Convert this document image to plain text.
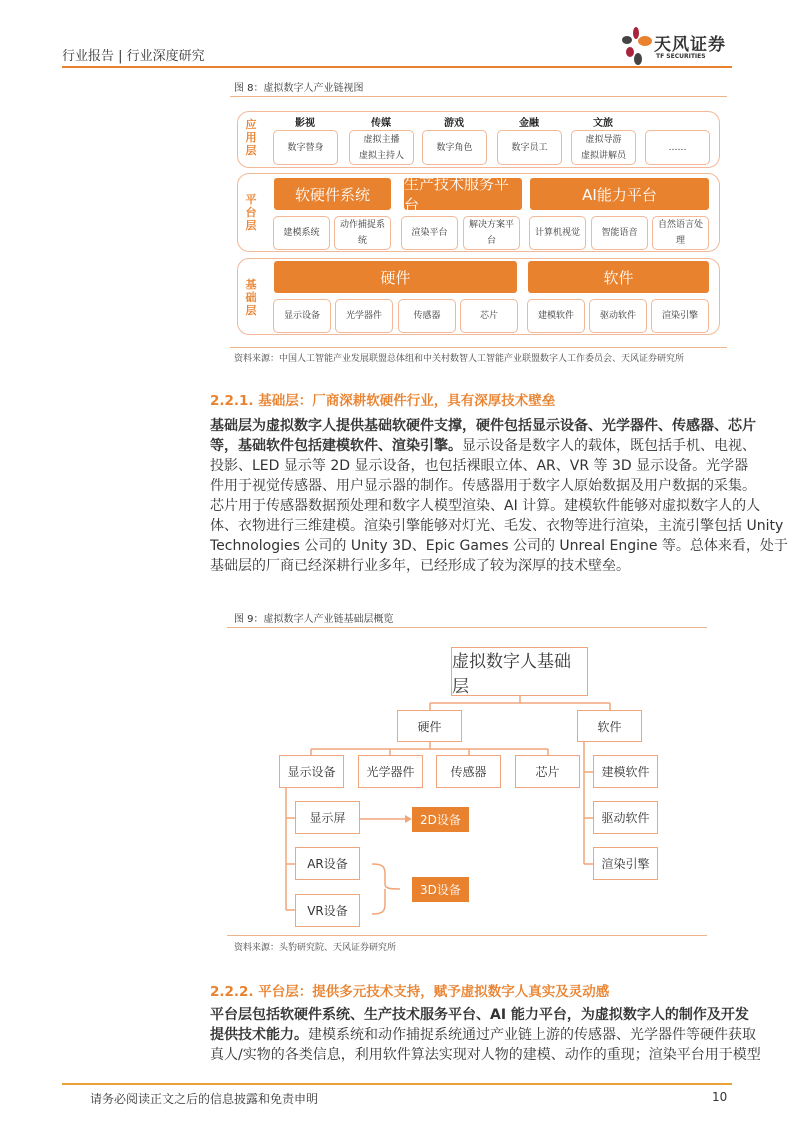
行业报告 | 行业深度研究
天风证券
TF SECURITIES
图 8：虚拟数字人产业链视图
应用层
平台层
基础层
影视	传媒	游戏	金融	文旅
数字替身
虚拟主播
虚拟主持人
数字角色	数字员工
虚拟导游
虚拟讲解员
……
软硬件系统
生产技术服务平台
AI能力平台
建模系统
动作捕捉系
统
渲染平台
解决方案平
台
计算机视觉 智能语音
自然语言处
理
硬件	软件
显示设备	光学器件	传感器	芯片	建模软件	驱动软件	渲染引擎
资料来源：中国人工智能产业发展联盟总体组和中关村数智人工智能产业联盟数字人工作委员会、天风证券研究所
2.2.1. 基础层：厂商深耕软硬件行业，具有深厚技术壁垒
基础层为虚拟数字人提供基础软硬件支撑，硬件包括显示设备、光学器件、传感器、芯片
等，基础软件包括建模软件、渲染引擎。显示设备是数字人的载体，既包括手机、电视、
投影、LED 显示等 2D 显示设备，也包括裸眼立体、AR、VR 等 3D 显示设备。光学器
件用于视觉传感器、用户显示器的制作。传感器用于数字人原始数据及用户数据的采集。
芯片用于传感器数据预处理和数字人模型渲染、AI 计算。建模软件能够对虚拟数字人的人
体、衣物进行三维建模。渲染引擎能够对灯光、毛发、衣物等进行渲染，主流引擎包括 Unity
Technologies 公司的 Unity 3D、Epic Games 公司的 Unreal Engine 等。总体来看，处于
基础层的厂商已经深耕行业多年，已经形成了较为深厚的技术壁垒。
图 9：虚拟数字人产业链基础层概览
虚拟数字人基础层
硬件	软件
显示设备	光学器件	传感器	芯片	建模软件
驱动软件
渲染引擎
显示屏
AR设备
VR设备
2D设备
3D设备
资料来源：头豹研究院、天风证券研究所
2.2.2. 平台层：提供多元技术支持，赋予虚拟数字人真实及灵动感
平台层包括软硬件系统、生产技术服务平台、AI 能力平台，为虚拟数字人的制作及开发
提供技术能力。建模系统和动作捕捉系统通过产业链上游的传感器、光学器件等硬件获取
真人/实物的各类信息，利用软件算法实现对人物的建模、动作的重现；渲染平台用于模型
请务必阅读正文之后的信息披露和免责申明	10
